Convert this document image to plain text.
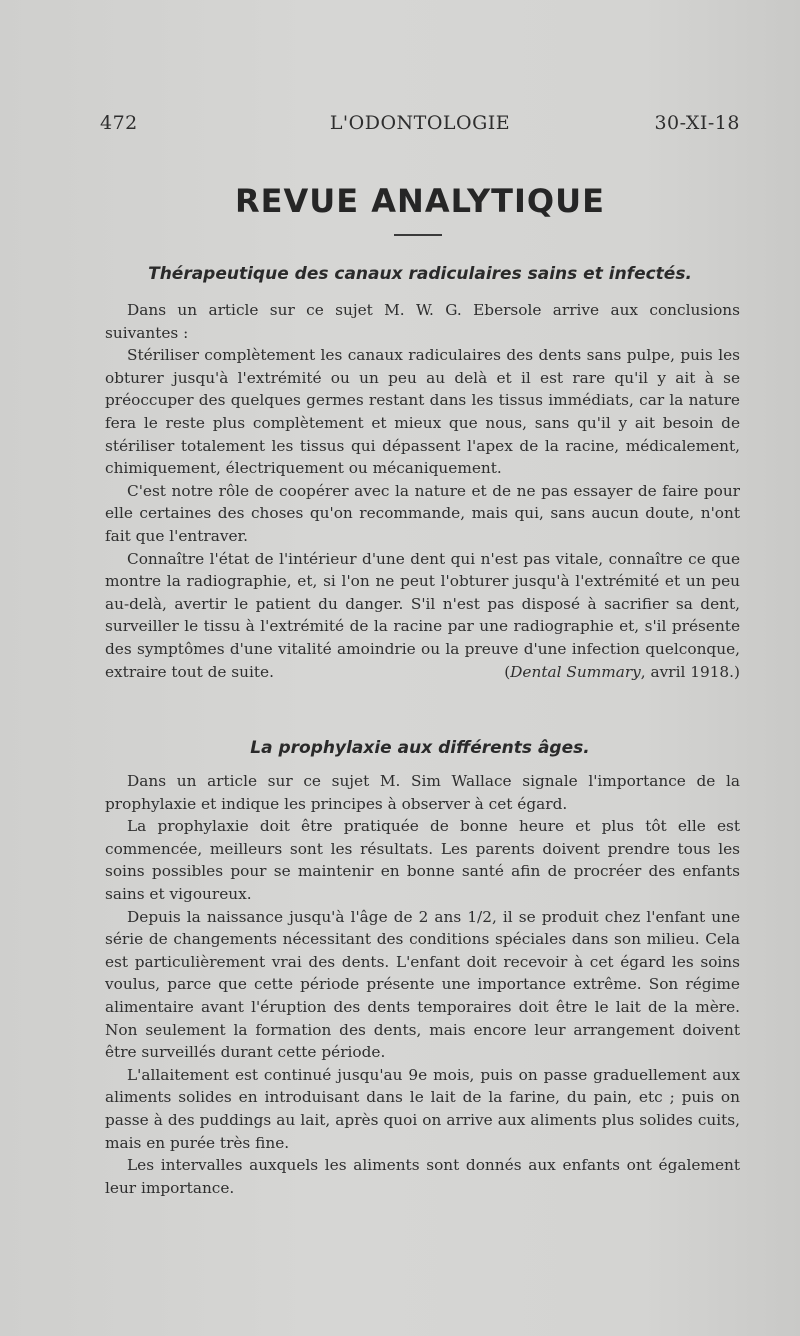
472	L'ODONTOLOGIE	30-XI-18
REVUE ANALYTIQUE
Thérapeutique des canaux radiculaires sains et infectés.

Dans un article sur ce sujet M. W. G. Ebersole arrive aux conclusions suivantes :

Stériliser complètement les canaux radiculaires des dents sans pulpe, puis les obturer jusqu'à l'extrémité ou un peu au delà et il est rare qu'il y ait à se préoccuper des quelques germes restant dans les tissus immédiats, car la nature fera le reste plus complètement et mieux que nous, sans qu'il y ait besoin de stériliser totalement les tissus qui dépassent l'apex de la racine, médicalement, chimiquement, électriquement ou mécaniquement.

C'est notre rôle de coopérer avec la nature et de ne pas essayer de faire pour elle certaines des choses qu'on recommande, mais qui, sans aucun doute, n'ont fait que l'entraver.

Connaître l'état de l'intérieur d'une dent qui n'est pas vitale, connaître ce que montre la radiographie, et, si l'on ne peut l'obturer jusqu'à l'extrémité et un peu au-delà, avertir le patient du danger. S'il n'est pas disposé à sacrifier sa dent, surveiller le tissu à l'extrémité de la racine par une radiographie et, s'il présente des symptômes d'une vitalité amoindrie ou la preuve d'une infection quelconque, extraire tout de suite.	(Dental Summary, avril 1918.)

La prophylaxie aux différents âges.

Dans un article sur ce sujet M. Sim Wallace signale l'importance de la prophylaxie et indique les principes à observer à cet égard.

La prophylaxie doit être pratiquée de bonne heure et plus tôt elle est commencée, meilleurs sont les résultats. Les parents doivent prendre tous les soins possibles pour se maintenir en bonne santé afin de procréer des enfants sains et vigoureux.

Depuis la naissance jusqu'à l'âge de 2 ans 1/2, il se produit chez l'enfant une série de changements nécessitant des conditions spéciales dans son milieu. Cela est particulièrement vrai des dents. L'enfant doit recevoir à cet égard les soins voulus, parce que cette période présente une importance extrême. Son régime alimentaire avant l'éruption des dents temporaires doit être le lait de la mère. Non seulement la formation des dents, mais encore leur arrangement doivent être surveillés durant cette période.

L'allaitement est continué jusqu'au 9e mois, puis on passe graduellement aux aliments solides en introduisant dans le lait de la farine, du pain, etc ; puis on passe à des puddings au lait, après quoi on arrive aux aliments plus solides cuits, mais en purée très fine.

Les intervalles auxquels les aliments sont donnés aux enfants ont également leur importance.
